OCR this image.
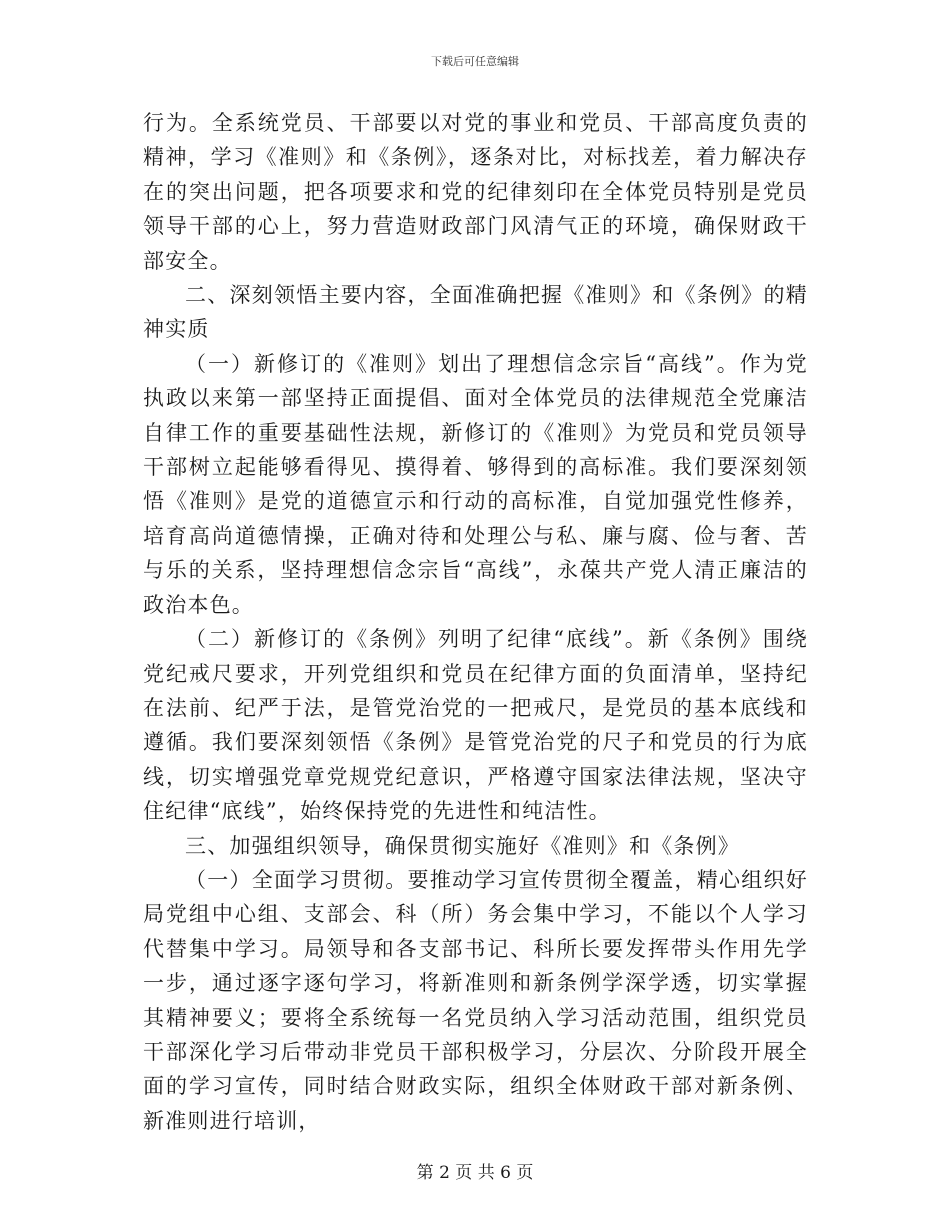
下载后可任意编辑

行为。全系统党员、干部要以对党的事业和党员、干部高度负责的精神，学习《准则》和《条例》，逐条对比，对标找差，着力解决存在的突出问题，把各项要求和党的纪律刻印在全体党员特别是党员领导干部的心上，努力营造财政部门风清气正的环境，确保财政干部安全。

二、深刻领悟主要内容，全面准确把握《准则》和《条例》的精神实质

（一）新修订的《准则》划出了理想信念宗旨“高线”。作为党执政以来第一部坚持正面提倡、面对全体党员的法律规范全党廉洁自律工作的重要基础性法规，新修订的《准则》为党员和党员领导干部树立起能够看得见、摸得着、够得到的高标准。我们要深刻领悟《准则》是党的道德宣示和行动的高标准，自觉加强党性修养，培育高尚道德情操，正确对待和处理公与私、廉与腐、俭与奢、苦与乐的关系，坚持理想信念宗旨“高线”，永葆共产党人清正廉洁的政治本色。

（二）新修订的《条例》列明了纪律“底线”。新《条例》围绕党纪戒尺要求，开列党组织和党员在纪律方面的负面清单，坚持纪在法前、纪严于法，是管党治党的一把戒尺，是党员的基本底线和遵循。我们要深刻领悟《条例》是管党治党的尺子和党员的行为底线，切实增强党章党规党纪意识，严格遵守国家法律法规，坚决守住纪律“底线”，始终保持党的先进性和纯洁性。

三、加强组织领导，确保贯彻实施好《准则》和《条例》

（一）全面学习贯彻。要推动学习宣传贯彻全覆盖，精心组织好局党组中心组、支部会、科（所）务会集中学习，不能以个人学习代替集中学习。局领导和各支部书记、科所长要发挥带头作用先学一步，通过逐字逐句学习，将新准则和新条例学深学透，切实掌握其精神要义；要将全系统每一名党员纳入学习活动范围，组织党员干部深化学习后带动非党员干部积极学习，分层次、分阶段开展全面的学习宣传，同时结合财政实际，组织全体财政干部对新条例、新准则进行培训，

第 2 页 共 6 页
